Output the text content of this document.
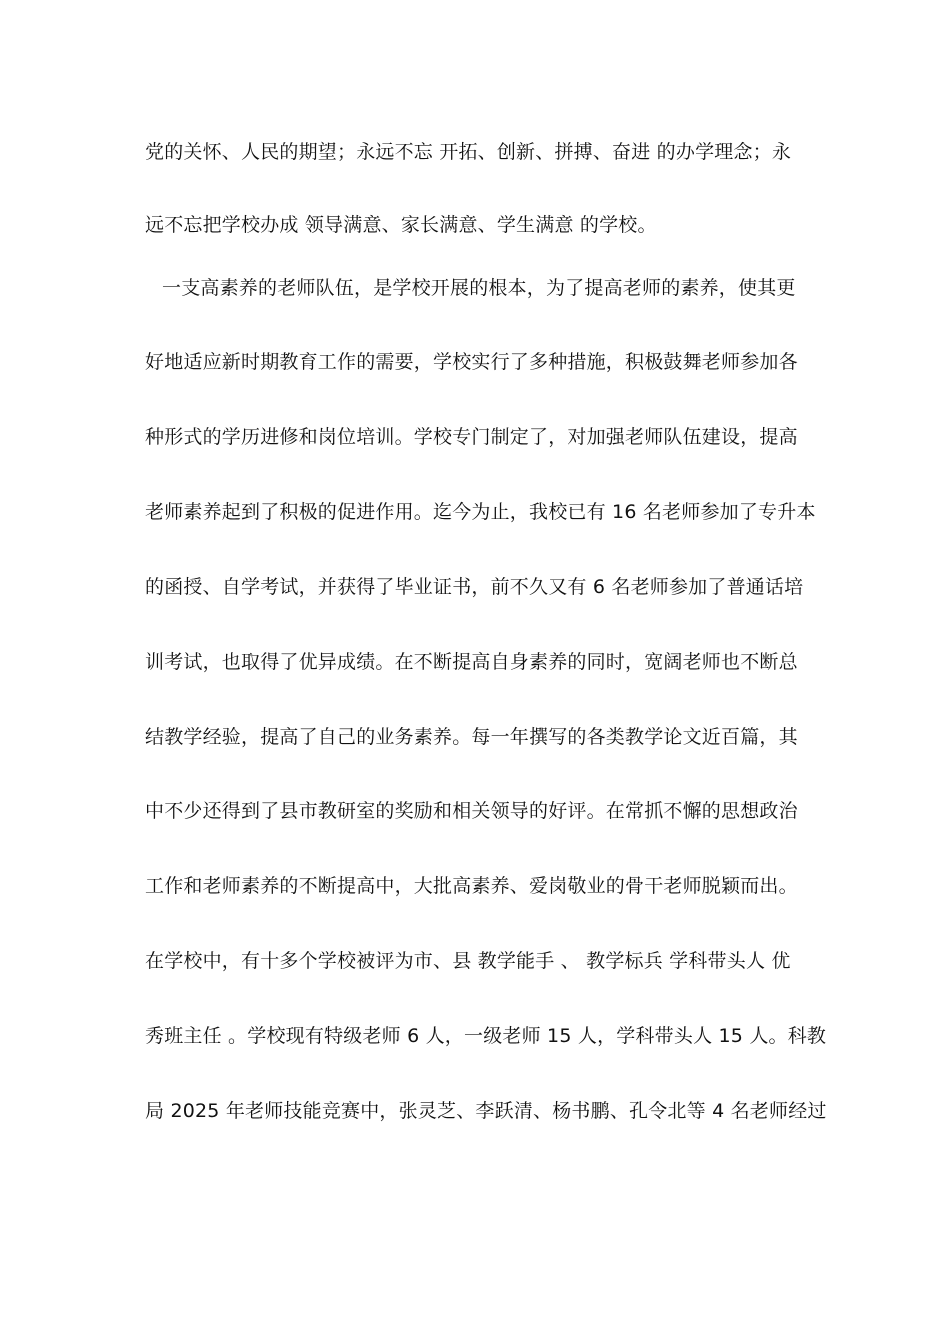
党的关怀、人民的期望；永远不忘 开拓、创新、拼搏、奋进 的办学理念；永
远不忘把学校办成 领导满意、家长满意、学生满意 的学校。
一支高素养的老师队伍，是学校开展的根本，为了提高老师的素养，使其更
好地适应新时期教育工作的需要，学校实行了多种措施，积极鼓舞老师参加各
种形式的学历进修和岗位培训。学校专门制定了，对加强老师队伍建设，提高
老师素养起到了积极的促进作用。迄今为止，我校已有 16 名老师参加了专升本
的函授、自学考试，并获得了毕业证书，前不久又有 6 名老师参加了普通话培
训考试，也取得了优异成绩。在不断提高自身素养的同时，宽阔老师也不断总
结教学经验，提高了自己的业务素养。每一年撰写的各类教学论文近百篇，其
中不少还得到了县市教研室的奖励和相关领导的好评。在常抓不懈的思想政治
工作和老师素养的不断提高中，大批高素养、爱岗敬业的骨干老师脱颖而出。
在学校中，有十多个学校被评为市、县 教学能手 、 教学标兵 学科带头人 优
秀班主任 。学校现有特级老师 6 人，一级老师 15 人，学科带头人 15 人。科教
局 2025 年老师技能竞赛中，张灵芝、李跃清、杨书鹏、孔令北等 4 名老师经过
